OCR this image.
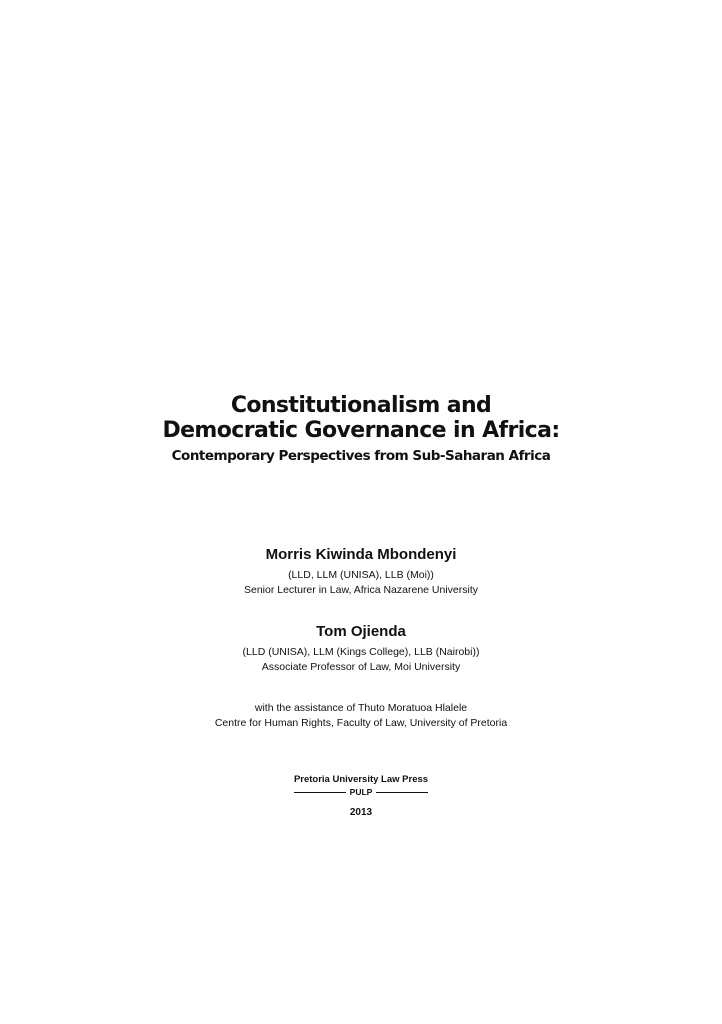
Constitutionalism and
Democratic Governance in Africa:
Contemporary Perspectives from Sub-Saharan Africa
Morris Kiwinda Mbondenyi
(LLD, LLM (UNISA), LLB (Moi))
Senior Lecturer in Law, Africa Nazarene University
Tom Ojienda
(LLD (UNISA), LLM (Kings College), LLB (Nairobi))
Associate Professor of Law, Moi University
with the assistance of Thuto Moratuoa Hlalele
Centre for Human Rights, Faculty of Law, University of Pretoria
Pretoria University Law Press
PULP
2013
